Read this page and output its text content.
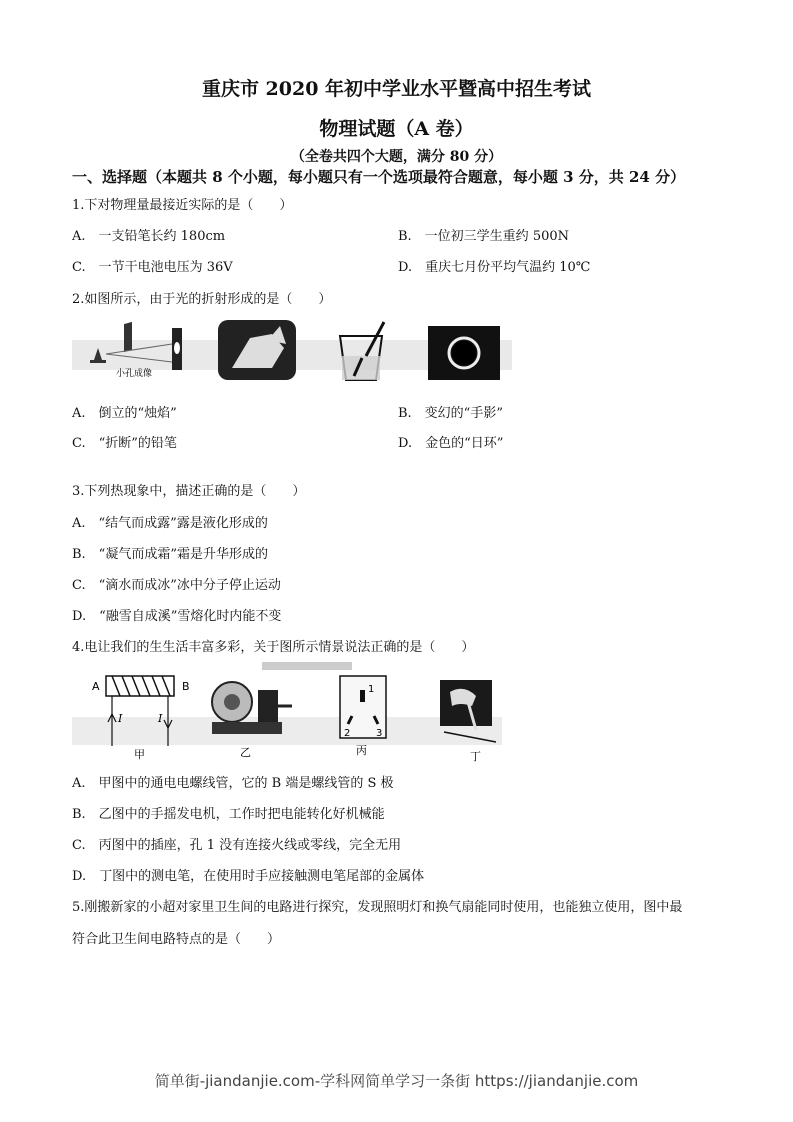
重庆市 2020 年初中学业水平暨高中招生考试
物理试题（A 卷）
（全卷共四个大题，满分 80 分）
一、选择题（本题共 8 个小题，每小题只有一个选项最符合题意，每小题 3 分，共 24 分）
1.下对物理量最接近实际的是（　　）
A.　一支铅笔长约 180cm	B.　一位初三学生重约 500N
C.　一节干电池电压为 36V	D.　重庆七月份平均气温约 10℃
2.如图所示，由于光的折射形成的是（　　）
小孔成像
A.　倒立的“烛焰”	B.　变幻的“手影”
C.　“折断”的铅笔	D.　金色的“日环”
3.下列热现象中，描述正确的是（　　）
A.　“结气而成露”露是液化形成的
B.　“凝气而成霜”霜是升华形成的
C.　“滴水而成冰”冰中分子停止运动
D.　“融雪自成溪”雪熔化时内能不变
4.电让我们的生生活丰富多彩，关于图所示情景说法正确的是（　　）
A	B
I	I
甲	乙
1
2	3
丙	丁
A.　甲图中的通电电螺线管，它的 B 端是螺线管的 S 极
B.　乙图中的手摇发电机，工作时把电能转化好机械能
C.　丙图中的插座，孔 1 没有连接火线或零线，完全无用
D.　丁图中的测电笔，在使用时手应接触测电笔尾部的金属体
5.刚搬新家的小超对家里卫生间的电路进行探究，发现照明灯和换气扇能同时使用，也能独立使用，图中最
符合此卫生间电路特点的是（　　）
简单街-jiandanjie.com-学科网简单学习一条街 https://jiandanjie.com
